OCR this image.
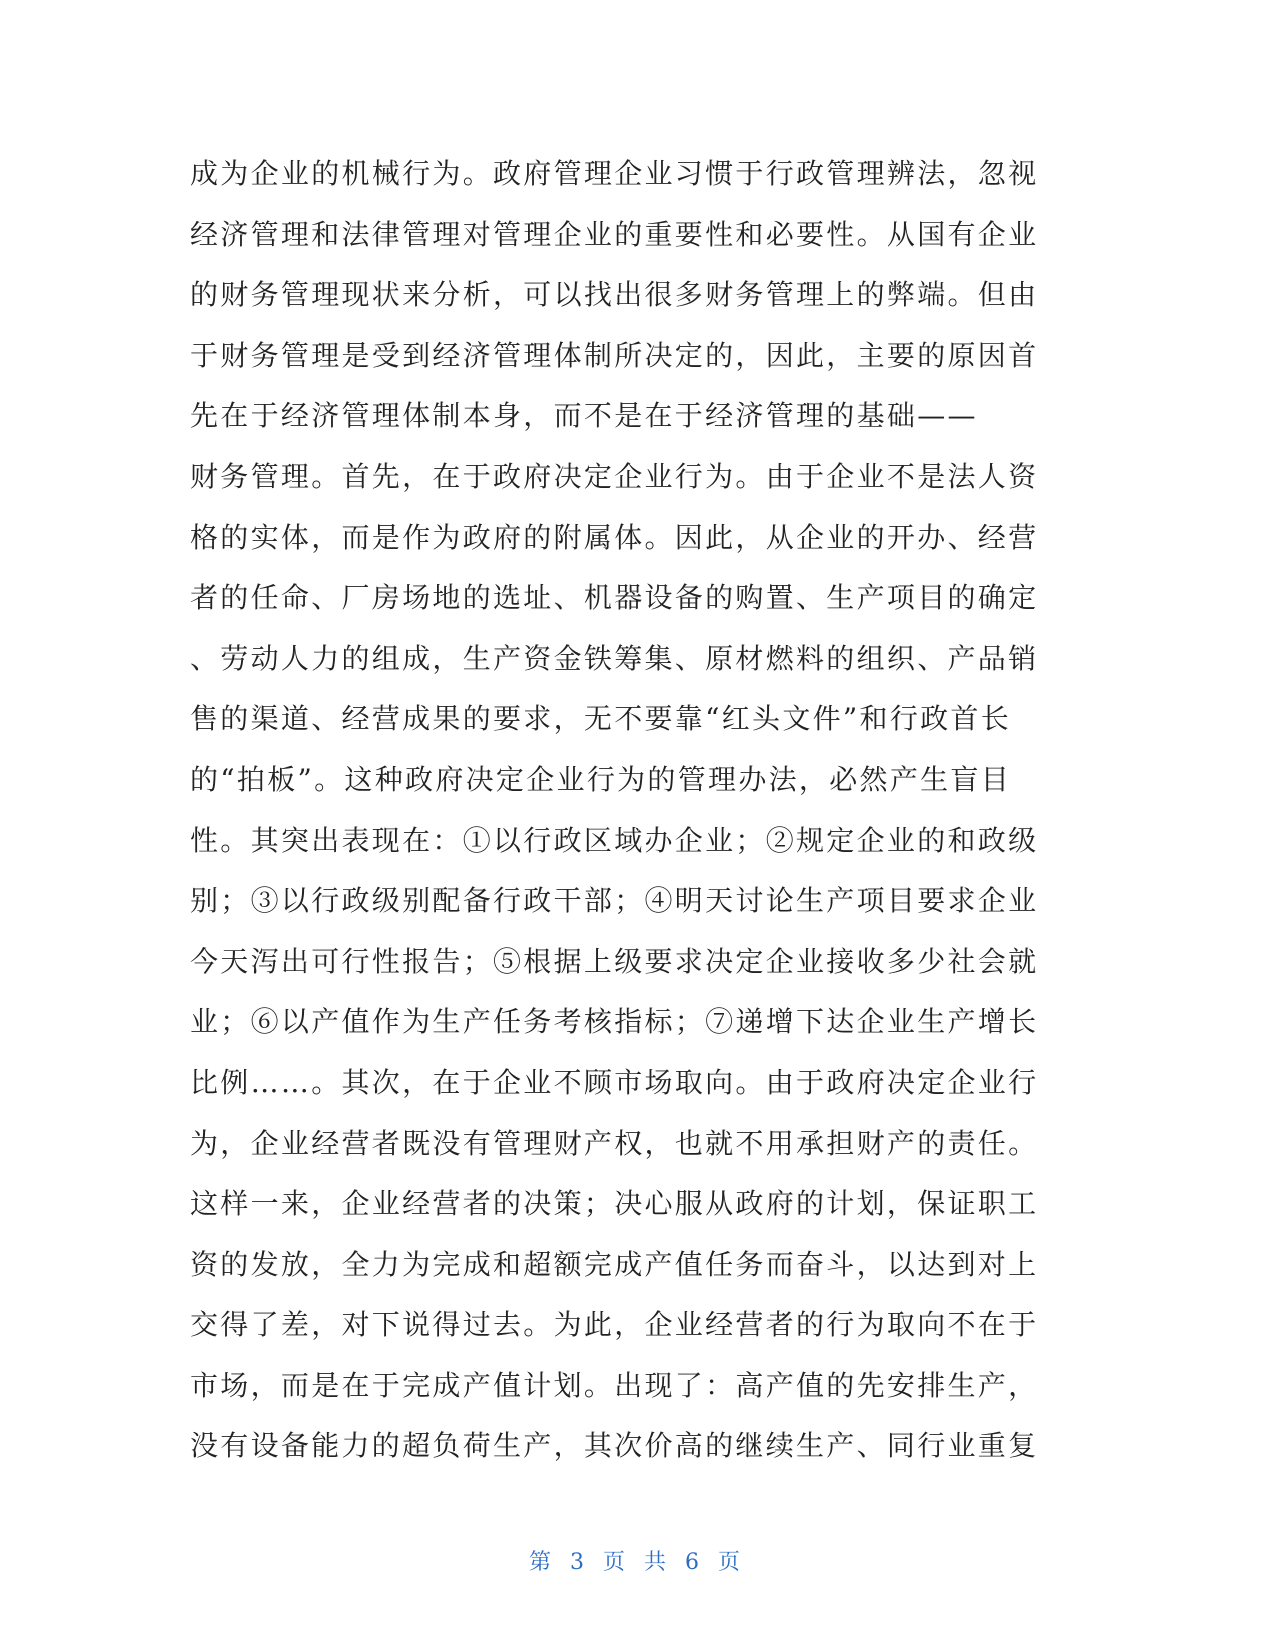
成为企业的机械行为。政府管理企业习惯于行政管理辨法，忽视
经济管理和法律管理对管理企业的重要性和必要性。从国有企业
的财务管理现状来分析，可以找出很多财务管理上的弊端。但由
于财务管理是受到经济管理体制所决定的，因此，主要的原因首
先在于经济管理体制本身，而不是在于经济管理的基础——
财务管理。首先，在于政府决定企业行为。由于企业不是法人资
格的实体，而是作为政府的附属体。因此，从企业的开办、经营
者的任命、厂房场地的选址、机器设备的购置、生产项目的确定
、劳动人力的组成，生产资金铁筹集、原材燃料的组织、产品销
售的渠道、经营成果的要求，无不要靠“红头文件”和行政首长
的“拍板”。这种政府决定企业行为的管理办法，必然产生盲目
性。其突出表现在：①以行政区域办企业；②规定企业的和政级
别；③以行政级别配备行政干部；④明天讨论生产项目要求企业
今天泻出可行性报告；⑤根据上级要求决定企业接收多少社会就
业；⑥以产值作为生产任务考核指标；⑦递增下达企业生产增长
比例……。其次，在于企业不顾市场取向。由于政府决定企业行
为，企业经营者既没有管理财产权，也就不用承担财产的责任。
这样一来，企业经营者的决策；决心服从政府的计划，保证职工
资的发放，全力为完成和超额完成产值任务而奋斗，以达到对上
交得了差，对下说得过去。为此，企业经营者的行为取向不在于
市场，而是在于完成产值计划。出现了：高产值的先安排生产，
没有设备能力的超负荷生产，其次价高的继续生产、同行业重复
第 3 页 共 6 页
